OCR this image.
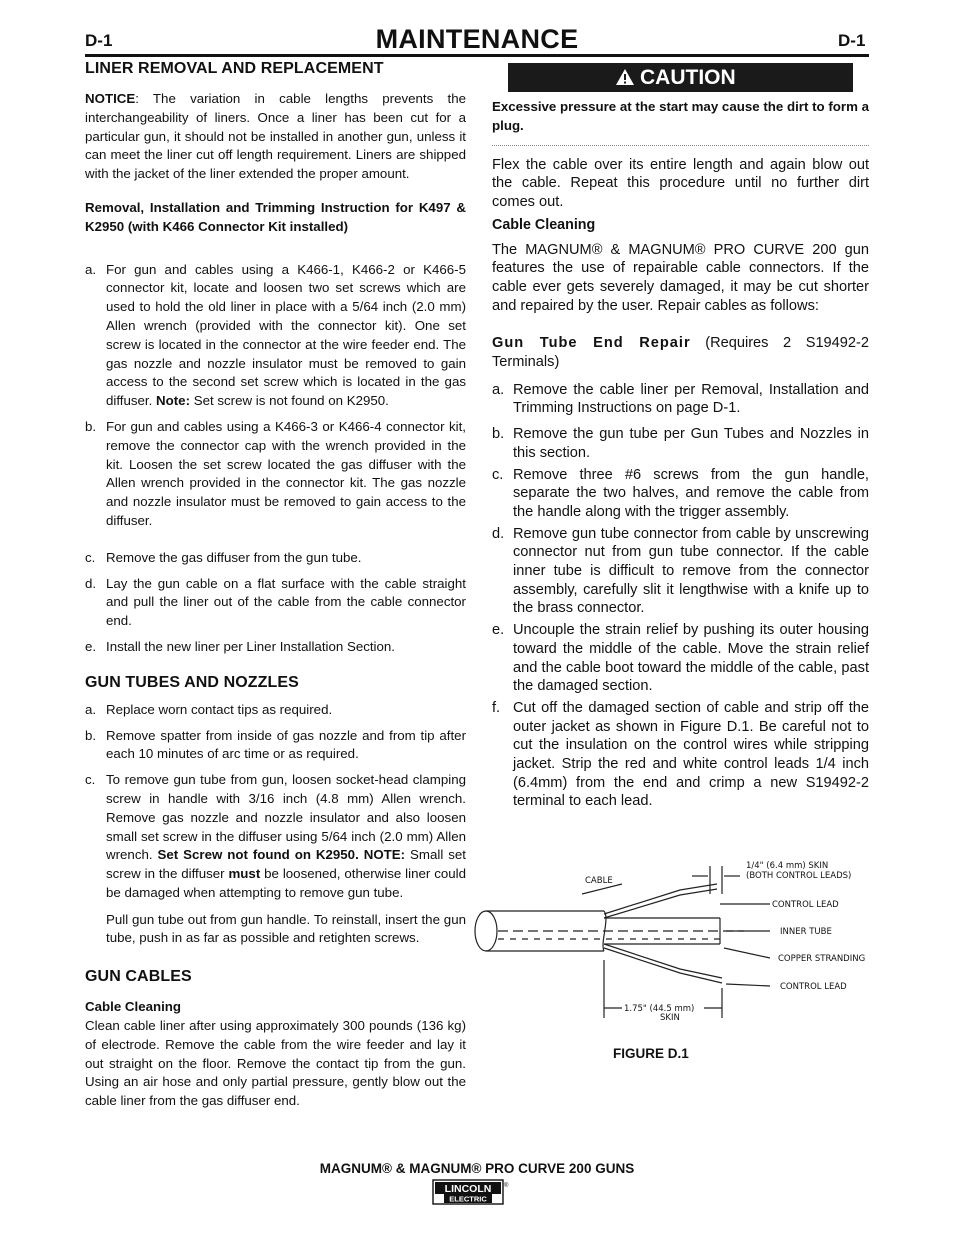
D-1	MAINTENANCE	D-1
LINER REMOVAL AND REPLACEMENT

NOTICE: The variation in cable lengths prevents the interchangeability of liners. Once a liner has been cut for a particular gun, it should not be installed in another gun, unless it can meet the liner cut off length requirement. Liners are shipped with the jacket of the liner extended the proper amount.

Removal, Installation and Trimming Instruction for K497 & K2950 (with K466 Connector Kit installed)

a. For gun and cables using a K466-1, K466-2 or K466-5 connector kit, locate and loosen two set screws which are used to hold the old liner in place with a 5/64 inch (2.0 mm) Allen wrench (provided with the connector kit). One set screw is located in the connector at the wire feeder end. The gas nozzle and nozzle insulator must be removed to gain access to the second set screw which is located in the gas diffuser. Note: Set screw is not found on K2950.
b. For gun and cables using a K466-3 or K466-4 connector kit, remove the connector cap with the wrench provided in the kit. Loosen the set screw located the gas diffuser with the Allen wrench provided in the connector kit. The gas nozzle and nozzle insulator must be removed to gain access to the diffuser.
c. Remove the gas diffuser from the gun tube.
d. Lay the gun cable on a flat surface with the cable straight and pull the liner out of the cable from the cable connector end.
e. Install the new liner per Liner Installation Section.
GUN TUBES AND NOZZLES
a. Replace worn contact tips as required.
b. Remove spatter from inside of gas nozzle and from tip after each 10 minutes of arc time or as required.
c. To remove gun tube from gun, loosen socket-head clamping screw in handle with 3/16 inch (4.8 mm) Allen wrench. Remove gas nozzle and nozzle insulator and also loosen small set screw in the diffuser using 5/64 inch (2.0 mm) Allen wrench. Set Screw not found on K2950. NOTE: Small set screw in the diffuser must be loosened, otherwise liner could be damaged when attempting to remove gun tube.
Pull gun tube out from gun handle. To reinstall, insert the gun tube, push in as far as possible and retighten screws.
GUN CABLES

Cable Cleaning

Clean cable liner after using approximately 300 pounds (136 kg) of electrode. Remove the cable from the wire feeder and lay it out straight on the floor. Remove the contact tip from the gun. Using an air hose and only partial pressure, gently blow out the cable liner from the gas diffuser end.

CAUTION

Excessive pressure at the start may cause the dirt to form a plug.

Flex the cable over its entire length and again blow out the cable. Repeat this procedure until no further dirt comes out.

Cable Cleaning

The MAGNUM® & MAGNUM® PRO CURVE 200 gun features the use of repairable cable connectors. If the cable ever gets severely damaged, it may be cut shorter and repaired by the user. Repair cables as follows:

Gun Tube End Repair (Requires 2 S19492-2 Terminals)

a. Remove the cable liner per Removal, Installation and Trimming Instructions on page D-1.
b. Remove the gun tube per Gun Tubes and Nozzles in this section.
c. Remove three #6 screws from the gun handle, separate the two halves, and remove the cable from the handle along with the trigger assembly.
d. Remove gun tube connector from cable by unscrewing connector nut from gun tube connector. If the cable inner tube is difficult to remove from the connector assembly, carefully slit it lengthwise with a knife up to the brass connector.
e. Uncouple the strain relief by pushing its outer housing toward the middle of the cable. Move the strain relief and the cable boot toward the middle of the cable, past the damaged section.
f. Cut off the damaged section of cable and strip off the outer jacket as shown in Figure D.1. Be careful not to cut the insulation on the control wires while stripping jacket. Strip the red and white control leads 1/4 inch (6.4mm) from the end and crimp a new S19492-2 terminal to each lead.
CABLE
1/4" (6.4 mm) SKIN
(BOTH CONTROL LEADS)
CONTROL LEAD
INNER TUBE
COPPER STRANDING
CONTROL LEAD
1.75" (44.5 mm)
SKIN
FIGURE D.1
MAGNUM® & MAGNUM® PRO CURVE 200 GUNS
LINCOLN
ELECTRIC
®
